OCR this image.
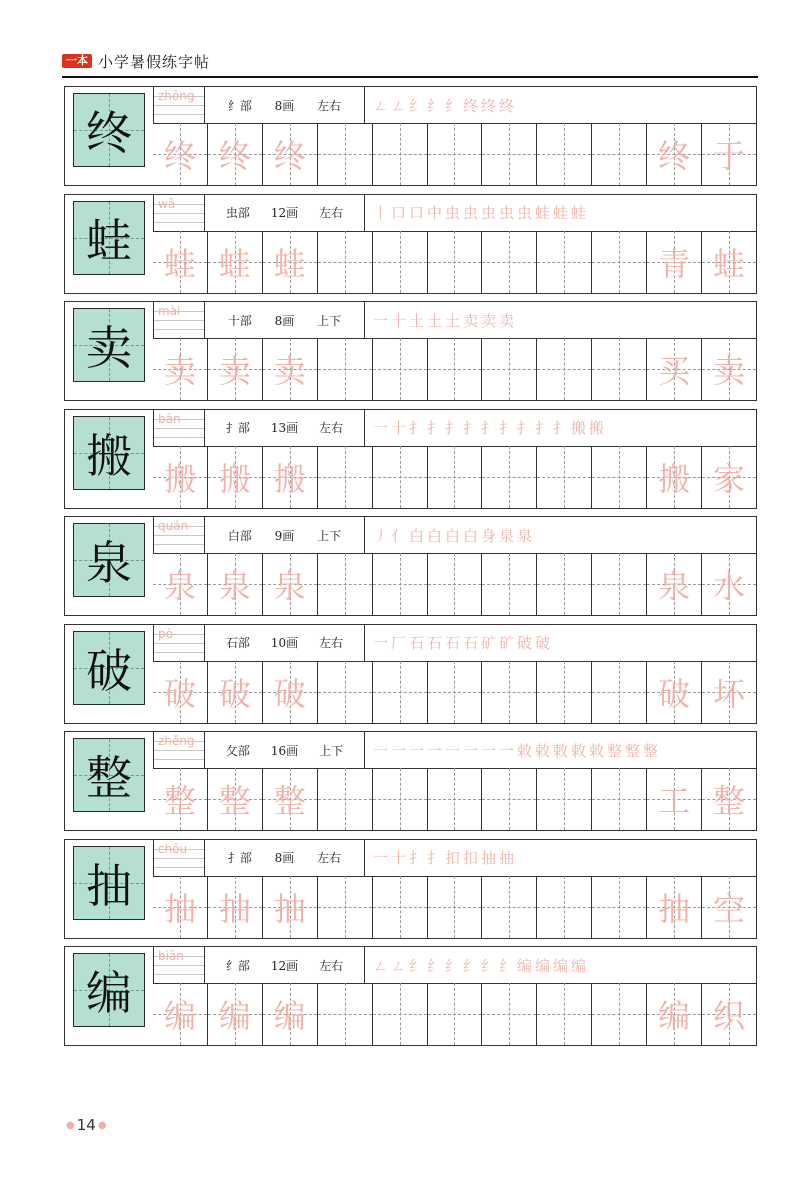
一本 小学暑假练字帖
终
zhōng
纟部 8画 左右	ㄥㄥ纟纟纟终终终
终 终 终	终 于
蛙
wā
虫部 12画 左右	丨口口中虫虫虫虫虫蛙蛙蛙
蛙 蛙 蛙	青 蛙
卖
mài
十部 8画 上下	一十土土土卖卖卖
卖 卖 卖	买 卖
搬
bān
扌部 13画 左右	一十扌扌扌扌扌扌扌扌扌搬搬
搬 搬 搬	搬 家
泉
quán
白部 9画 上下	丿亻白白白白身泉泉
泉 泉 泉	泉 水
破
pò
石部 10画 左右	一厂石石石石矿矿破破
破 破 破	破 坏
整
zhěng
攵部 16画 上下	一一一一一一一一敕敕敕敕敕整整整
整 整 整	工 整
抽
chōu
扌部 8画 左右	一十扌扌扣扣抽抽
抽 抽 抽	抽 空
编
biān
纟部 12画 左右	ㄥㄥ纟纟纟纟纟纟编编编编
编 编 编	编 织
● 14 ●
